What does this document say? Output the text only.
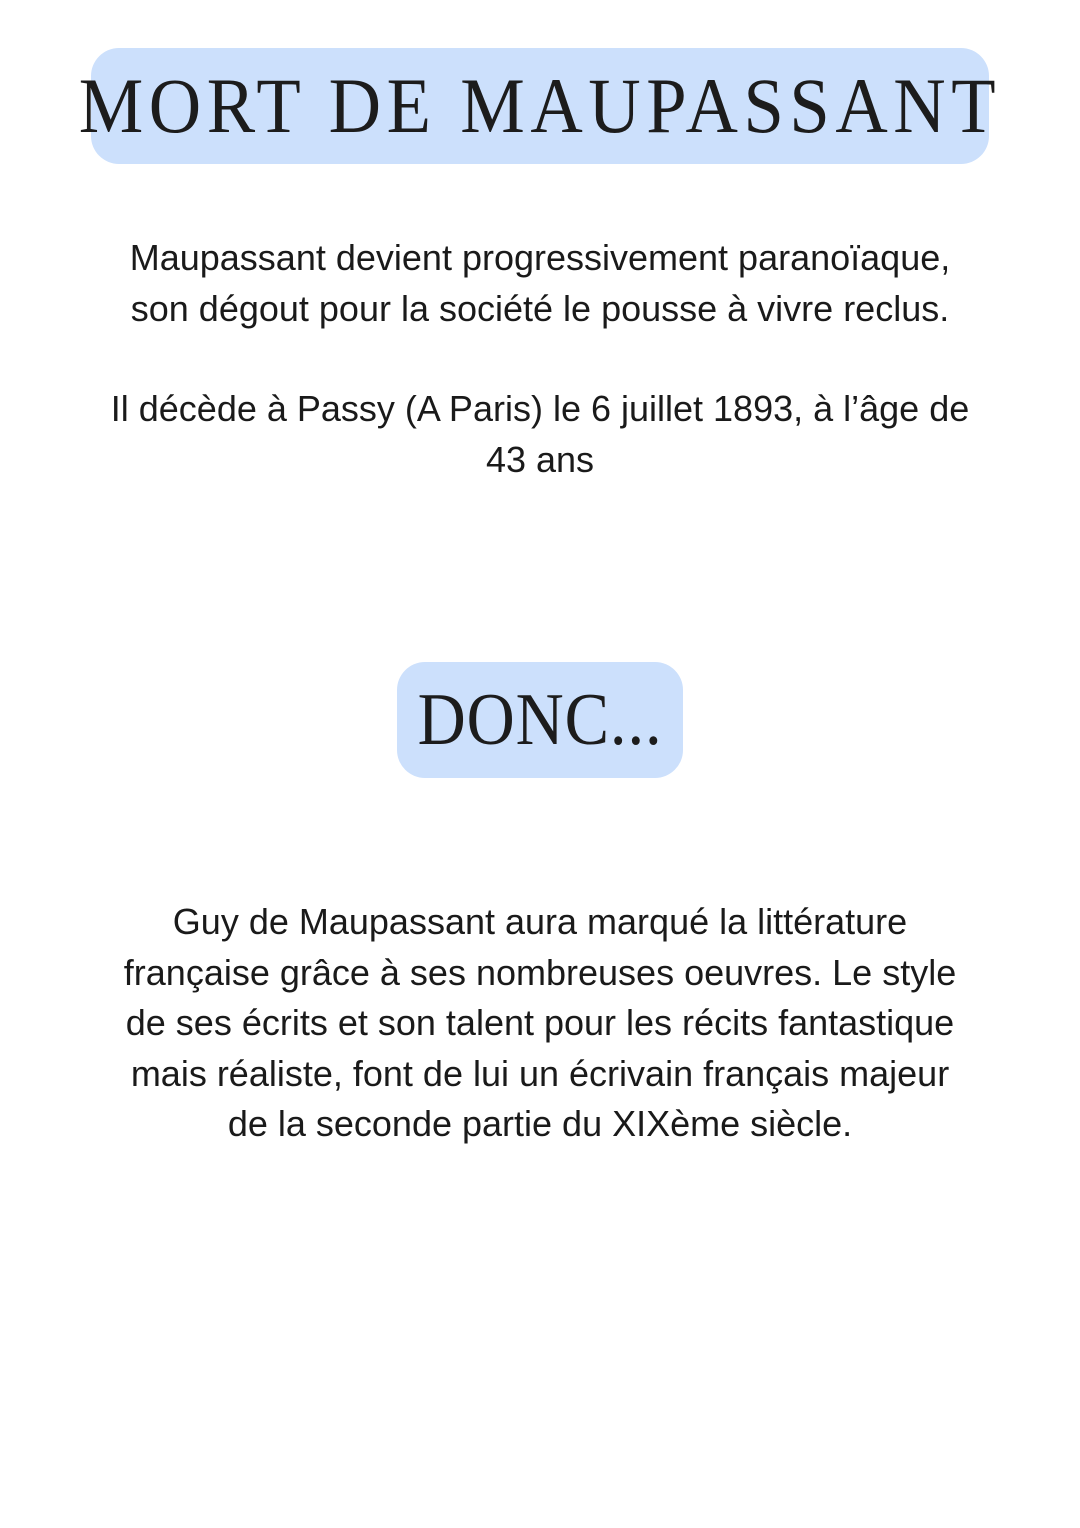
MORT DE MAUPASSANT

Maupassant devient progressivement paranoïaque,
son dégout pour la société le pousse à vivre reclus.

Il décède à Passy (A Paris) le 6 juillet 1893, à l’âge de
43 ans

DONC...

Guy de Maupassant aura marqué la littérature
française grâce à ses nombreuses oeuvres. Le style
de ses écrits et son talent pour les récits fantastique
mais réaliste, font de lui un écrivain français majeur
de la seconde partie du XIXème siècle.
